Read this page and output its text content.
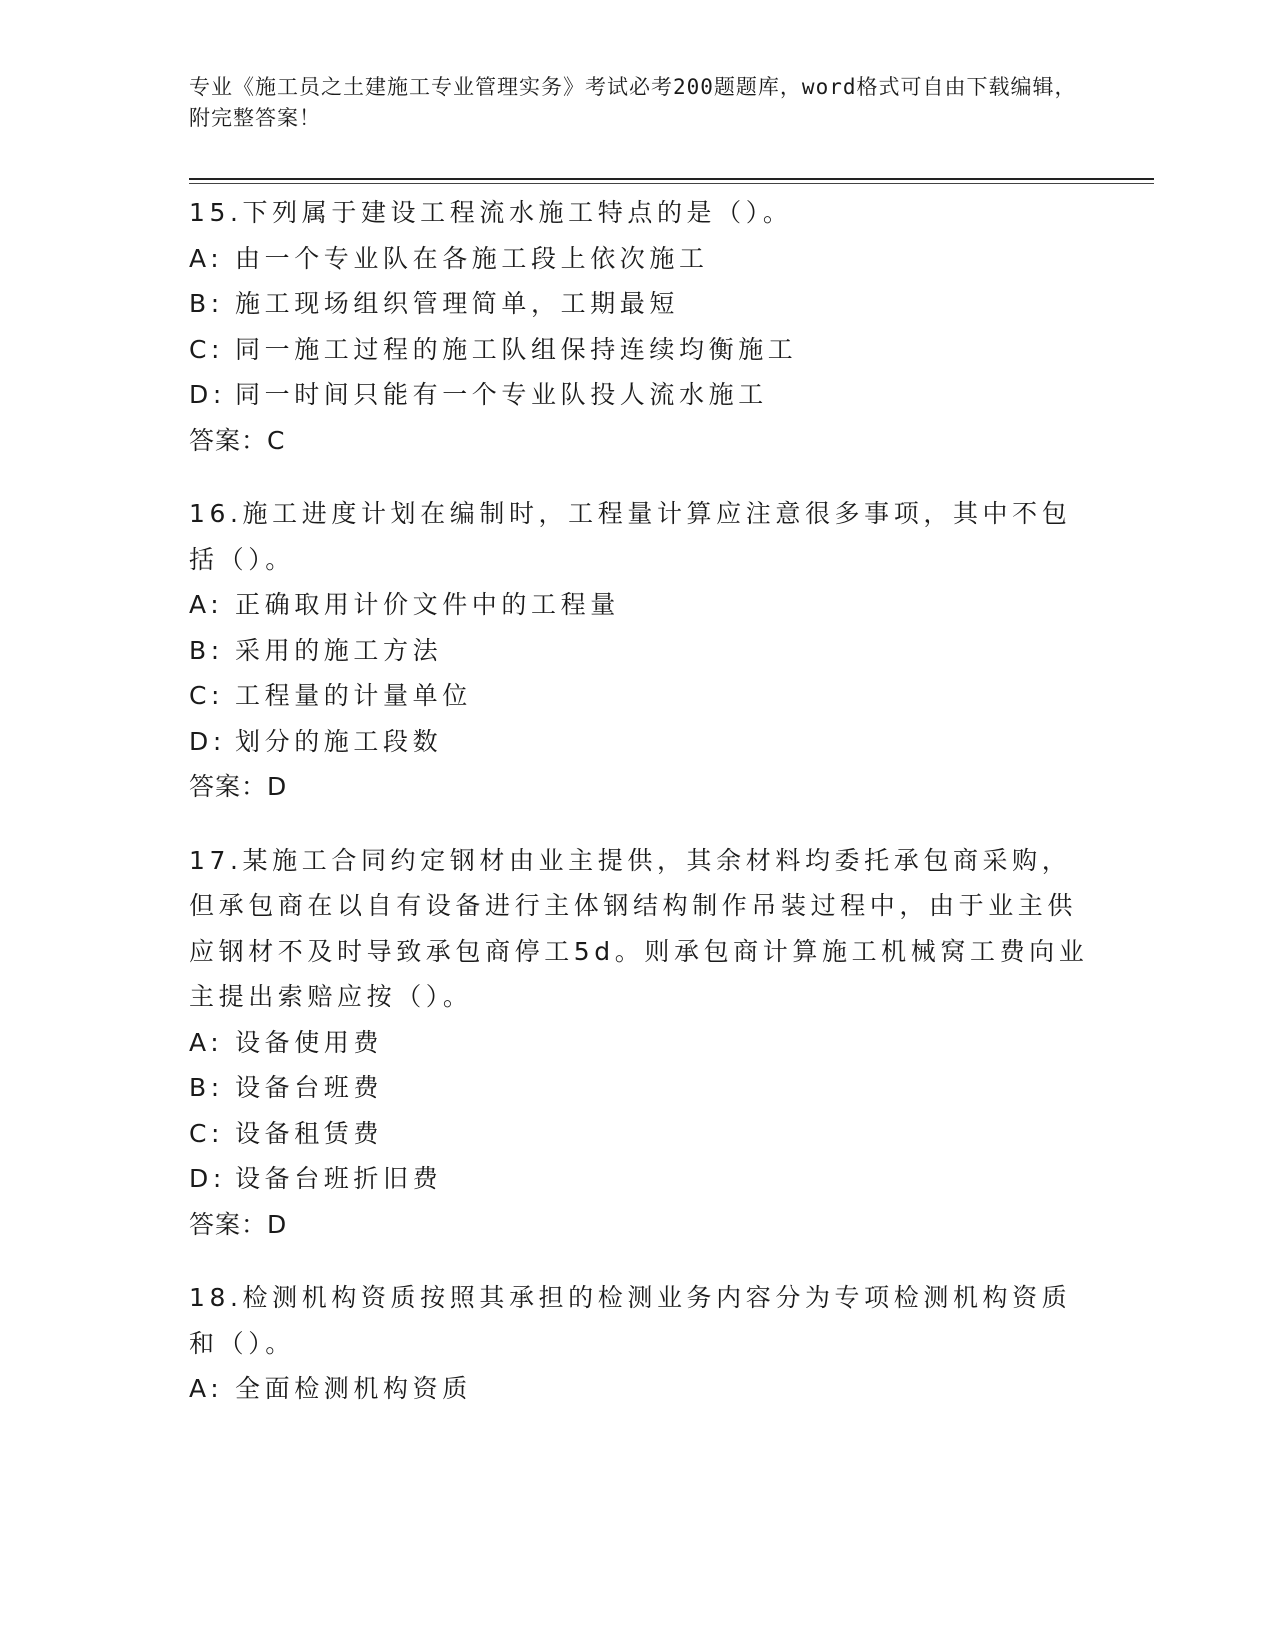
专业《施工员之土建施工专业管理实务》考试必考200题题库，word格式可自由下载编辑，附完整答案！

15.下列属于建设工程流水施工特点的是（）。

A: 由一个专业队在各施工段上依次施工

B: 施工现场组织管理简单，工期最短

C: 同一施工过程的施工队组保持连续均衡施工

D: 同一时间只能有一个专业队投人流水施工

答案：C

16.施工进度计划在编制时，工程量计算应注意很多事项，其中不包括（）。

A: 正确取用计价文件中的工程量

B: 采用的施工方法

C: 工程量的计量单位

D: 划分的施工段数

答案：D

17.某施工合同约定钢材由业主提供，其余材料均委托承包商采购，但承包商在以自有设备进行主体钢结构制作吊装过程中，由于业主供应钢材不及时导致承包商停工5d。则承包商计算施工机械窝工费向业主提出索赔应按（）。

A: 设备使用费

B: 设备台班费

C: 设备租赁费

D: 设备台班折旧费

答案：D

18.检测机构资质按照其承担的检测业务内容分为专项检测机构资质和（）。

A: 全面检测机构资质
